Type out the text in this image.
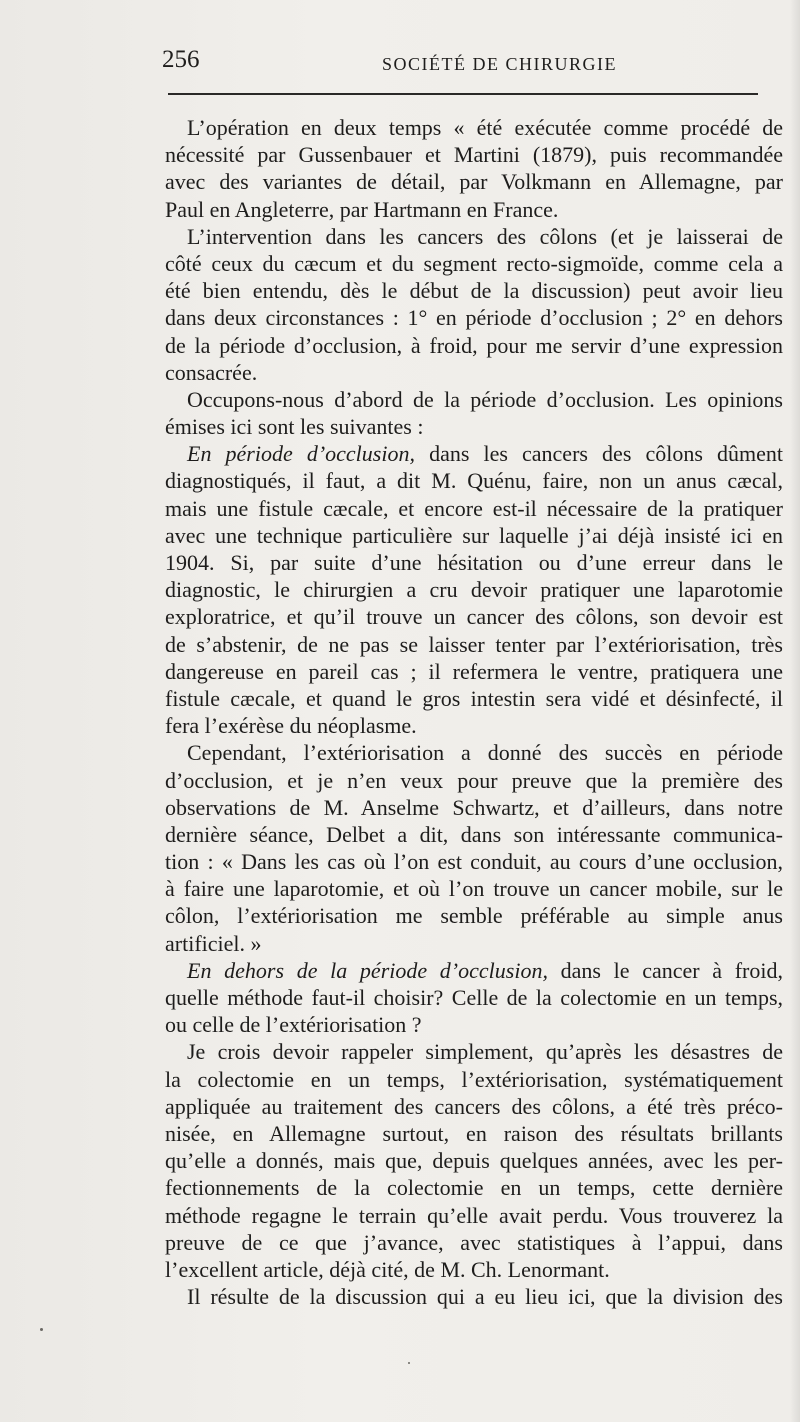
256	SOCIÉTÉ DE CHIRURGIE
L’opération en deux temps « été exécutée comme procédé de
nécessité par Gussenbauer et Martini (1879), puis recommandée
avec des variantes de détail, par Volkmann en Allemagne, par
Paul en Angleterre, par Hartmann en France.
L’intervention dans les cancers des côlons (et je laisserai de
côté ceux du cæcum et du segment recto-sigmoïde, comme cela a
été bien entendu, dès le début de la discussion) peut avoir lieu
dans deux circonstances : 1° en période d’occlusion ; 2° en dehors
de la période d’occlusion, à froid, pour me servir d’une expression
consacrée.
Occupons-nous d’abord de la période d’occlusion. Les opinions
émises ici sont les suivantes :
En période d’occlusion, dans les cancers des côlons dûment
diagnostiqués, il faut, a dit M. Quénu, faire, non un anus cæcal,
mais une fistule cæcale, et encore est-il nécessaire de la pratiquer
avec une technique particulière sur laquelle j’ai déjà insisté ici en
1904. Si, par suite d’une hésitation ou d’une erreur dans le
diagnostic, le chirurgien a cru devoir pratiquer une laparotomie
exploratrice, et qu’il trouve un cancer des côlons, son devoir est
de s’abstenir, de ne pas se laisser tenter par l’extériorisation, très
dangereuse en pareil cas ; il refermera le ventre, pratiquera une
fistule cæcale, et quand le gros intestin sera vidé et désinfecté, il
fera l’exérèse du néoplasme.
Cependant, l’extériorisation a donné des succès en période
d’occlusion, et je n’en veux pour preuve que la première des
observations de M. Anselme Schwartz, et d’ailleurs, dans notre
dernière séance, Delbet a dit, dans son intéressante communica-
tion : « Dans les cas où l’on est conduit, au cours d’une occlusion,
à faire une laparotomie, et où l’on trouve un cancer mobile, sur le
côlon, l’extériorisation me semble préférable au simple anus
artificiel. »
En dehors de la période d’occlusion, dans le cancer à froid,
quelle méthode faut-il choisir? Celle de la colectomie en un temps,
ou celle de l’extériorisation ?
Je crois devoir rappeler simplement, qu’après les désastres de
la colectomie en un temps, l’extériorisation, systématiquement
appliquée au traitement des cancers des côlons, a été très préco-
nisée, en Allemagne surtout, en raison des résultats brillants
qu’elle a donnés, mais que, depuis quelques années, avec les per-
fectionnements de la colectomie en un temps, cette dernière
méthode regagne le terrain qu’elle avait perdu. Vous trouverez la
preuve de ce que j’avance, avec statistiques à l’appui, dans
l’excellent article, déjà cité, de M. Ch. Lenormant.
Il résulte de la discussion qui a eu lieu ici, que la division des
